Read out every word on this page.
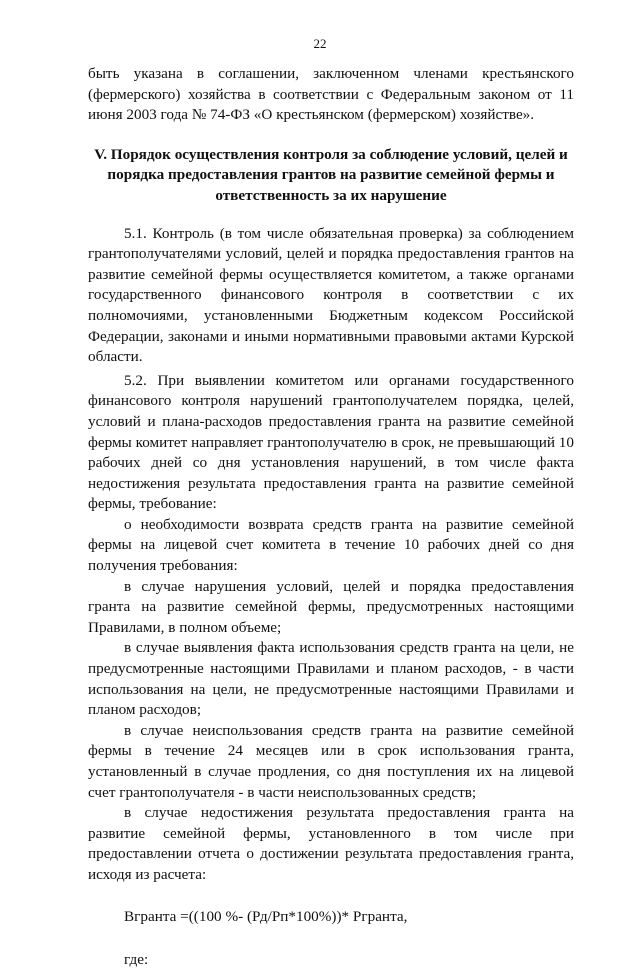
22

быть указана в соглашении, заключенном членами крестьянского (фермерского) хозяйства в соответствии с Федеральным законом от 11 июня 2003 года № 74-ФЗ «О крестьянском (фермерском) хозяйстве».

V. Порядок осуществления контроля за соблюдение условий, целей и порядка предоставления грантов на развитие семейной фермы и ответственность за их нарушение

5.1. Контроль (в том числе обязательная проверка) за соблюдением грантополучателями условий, целей и порядка предоставления грантов на развитие семейной фермы осуществляется комитетом, а также органами государственного финансового контроля в соответствии с их полномочиями, установленными Бюджетным кодексом Российской Федерации, законами и иными нормативными правовыми актами Курской области.

5.2. При выявлении комитетом или органами государственного финансового контроля нарушений грантополучателем порядка, целей, условий и плана-расходов предоставления гранта на развитие семейной фермы комитет направляет грантополучателю в срок, не превышающий 10 рабочих дней со дня установления нарушений, в том числе факта недостижения результата предоставления гранта на развитие семейной фермы, требование:

о необходимости возврата средств гранта на развитие семейной фермы на лицевой счет комитета в течение 10 рабочих дней со дня получения требования:

в случае нарушения условий, целей и порядка предоставления гранта на развитие семейной фермы, предусмотренных настоящими Правилами, в полном объеме;

в случае выявления факта использования средств гранта на цели, не предусмотренные настоящими Правилами и планом расходов, - в части использования на цели, не предусмотренные настоящими Правилами и планом расходов;

в случае неиспользования средств гранта на развитие семейной фермы в течение 24 месяцев или в срок использования гранта, установленный в случае продления, со дня поступления их на лицевой счет грантополучателя - в части неиспользованных средств;

в случае недостижения результата предоставления гранта на развитие семейной фермы, установленного в том числе при предоставлении отчета о достижении результата предоставления гранта, исходя из расчета:

Вгранта =((100 %- (Рд/Рп*100%))* Ргранта,

где:
